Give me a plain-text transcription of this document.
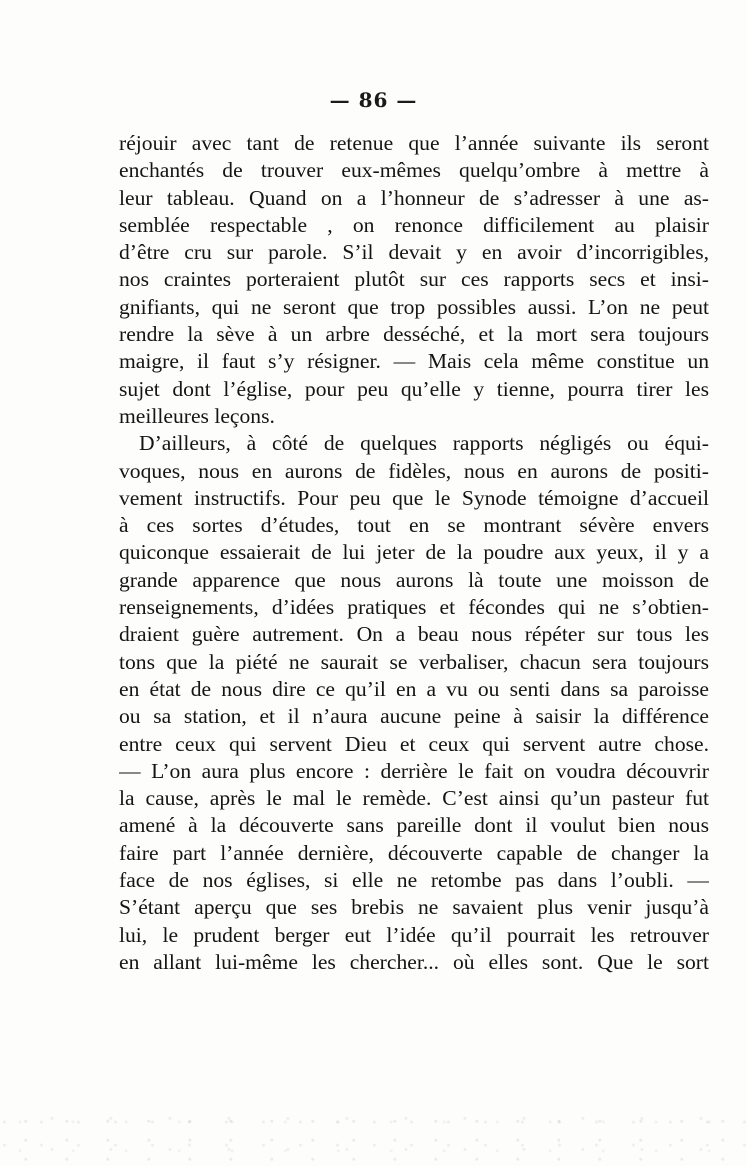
— 86 —
réjouir avec tant de retenue que l’année suivante ils seront
enchantés de trouver eux-mêmes quelqu’ombre à mettre à
leur tableau. Quand on a l’honneur de s’adresser à une as-
semblée respectable , on renonce difficilement au plaisir
d’être cru sur parole. S’il devait y en avoir d’incorrigibles,
nos craintes porteraient plutôt sur ces rapports secs et insi-
gnifiants, qui ne seront que trop possibles aussi. L’on ne peut
rendre la sève à un arbre desséché, et la mort sera toujours
maigre, il faut s’y résigner. — Mais cela même constitue un
sujet dont l’église, pour peu qu’elle y tienne, pourra tirer les
meilleures leçons.
D’ailleurs, à côté de quelques rapports négligés ou équi-
voques, nous en aurons de fidèles, nous en aurons de positi-
vement instructifs. Pour peu que le Synode témoigne d’accueil
à ces sortes d’études, tout en se montrant sévère envers
quiconque essaierait de lui jeter de la poudre aux yeux, il y a
grande apparence que nous aurons là toute une moisson de
renseignements, d’idées pratiques et fécondes qui ne s’obtien-
draient guère autrement. On a beau nous répéter sur tous les
tons que la piété ne saurait se verbaliser, chacun sera toujours
en état de nous dire ce qu’il en a vu ou senti dans sa paroisse
ou sa station, et il n’aura aucune peine à saisir la différence
entre ceux qui servent Dieu et ceux qui servent autre chose.
— L’on aura plus encore : derrière le fait on voudra découvrir
la cause, après le mal le remède. C’est ainsi qu’un pasteur fut
amené à la découverte sans pareille dont il voulut bien nous
faire part l’année dernière, découverte capable de changer la
face de nos églises, si elle ne retombe pas dans l’oubli. —
S’étant aperçu que ses brebis ne savaient plus venir jusqu’à
lui, le prudent berger eut l’idée qu’il pourrait les retrouver
en allant lui-même les chercher... où elles sont. Que le sort
